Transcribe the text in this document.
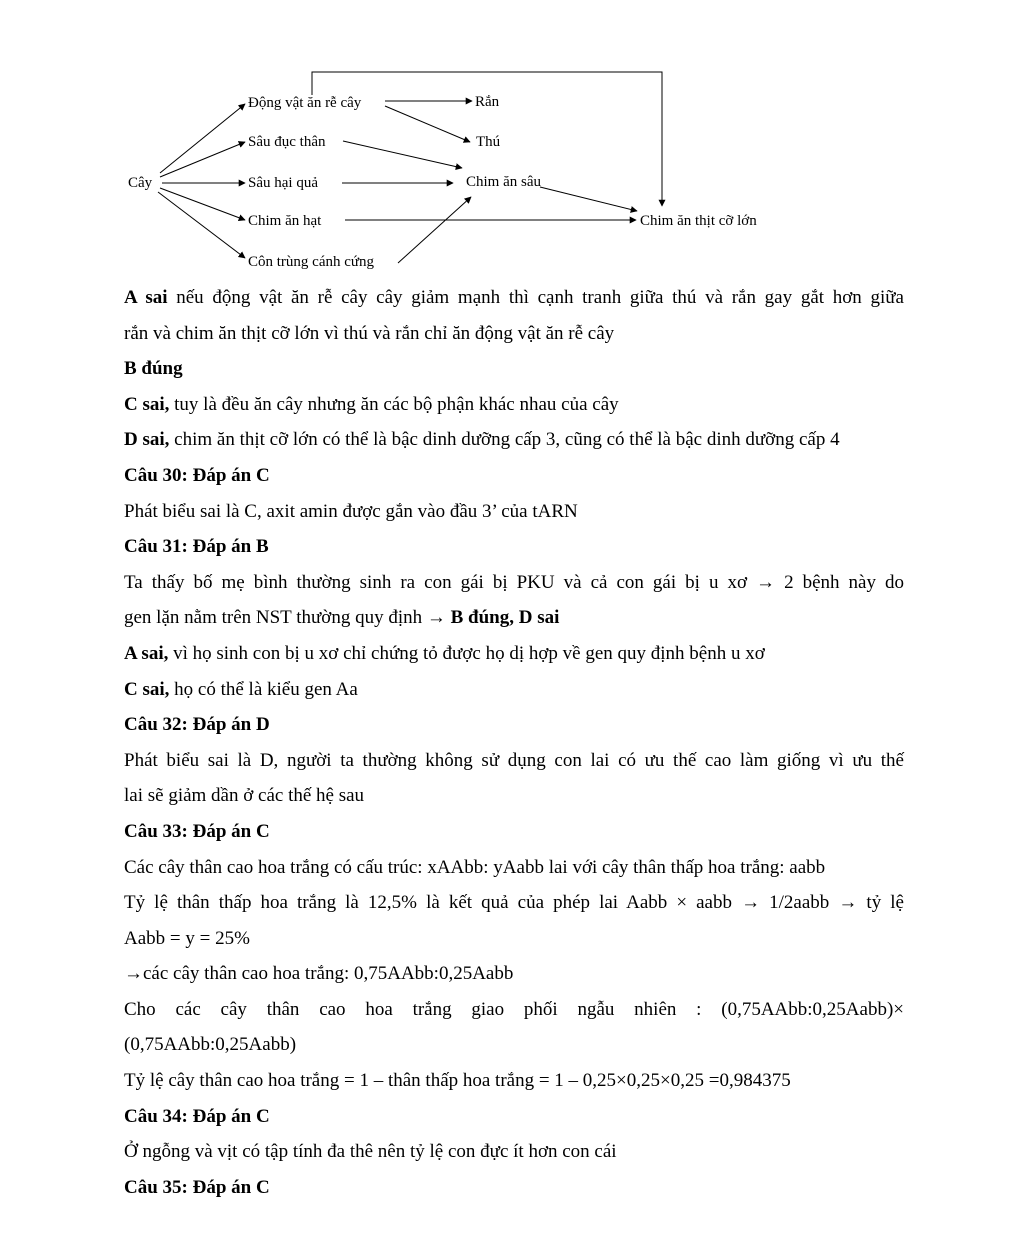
Cây
Động vật ăn rễ cây
Sâu đục thân
Sâu hại quả
Chim ăn hạt
Côn trùng cánh cứng
Rắn
Thú
Chim ăn sâu
Chim ăn thịt cỡ lớn
A sai nếu động vật ăn rễ cây cây giảm mạnh thì cạnh tranh giữa thú và rắn gay gắt hơn giữa
rắn và chim ăn thịt cỡ lớn vì thú và rắn chỉ ăn động vật ăn rễ cây
B đúng
C sai, tuy là đều ăn cây nhưng ăn các bộ phận khác nhau của cây
D sai, chim ăn thịt cỡ lớn có thể là bậc dinh dưỡng cấp 3, cũng có thể là bậc dinh dưỡng cấp 4
Câu 30: Đáp án C
Phát biểu sai là C, axit amin được gắn vào đầu 3’ của tARN
Câu 31: Đáp án B
Ta thấy bố mẹ bình thường sinh ra con gái bị PKU và cả con gái bị u xơ → 2 bệnh này do
gen lặn nằm trên NST thường quy định → B đúng, D sai
A sai, vì họ sinh con bị u xơ chỉ chứng tỏ được họ dị hợp về gen quy định bệnh u xơ
C sai, họ có thể là kiểu gen Aa
Câu 32: Đáp án D
Phát biểu sai là D, người ta thường không sử dụng con lai có ưu thế cao làm giống vì ưu thế
lai sẽ giảm dần ở các thế hệ sau
Câu 33: Đáp án C
Các cây thân cao hoa trắng có cấu trúc: xAAbb: yAabb lai với cây thân thấp hoa trắng: aabb
Tỷ lệ thân thấp hoa trắng là 12,5% là kết quả của phép lai Aabb × aabb → 1/2aabb → tỷ lệ
Aabb = y = 25%
→các cây thân cao hoa trắng: 0,75AAbb:0,25Aabb
Cho các cây thân cao hoa trắng giao phối ngẫu nhiên : (0,75AAbb:0,25Aabb)×
(0,75AAbb:0,25Aabb)
Tỷ lệ cây thân cao hoa trắng = 1 – thân thấp hoa trắng = 1 – 0,25×0,25×0,25 =0,984375
Câu 34: Đáp án C
Ở ngỗng và vịt có tập tính đa thê nên tỷ lệ con đực ít hơn con cái
Câu 35: Đáp án C
